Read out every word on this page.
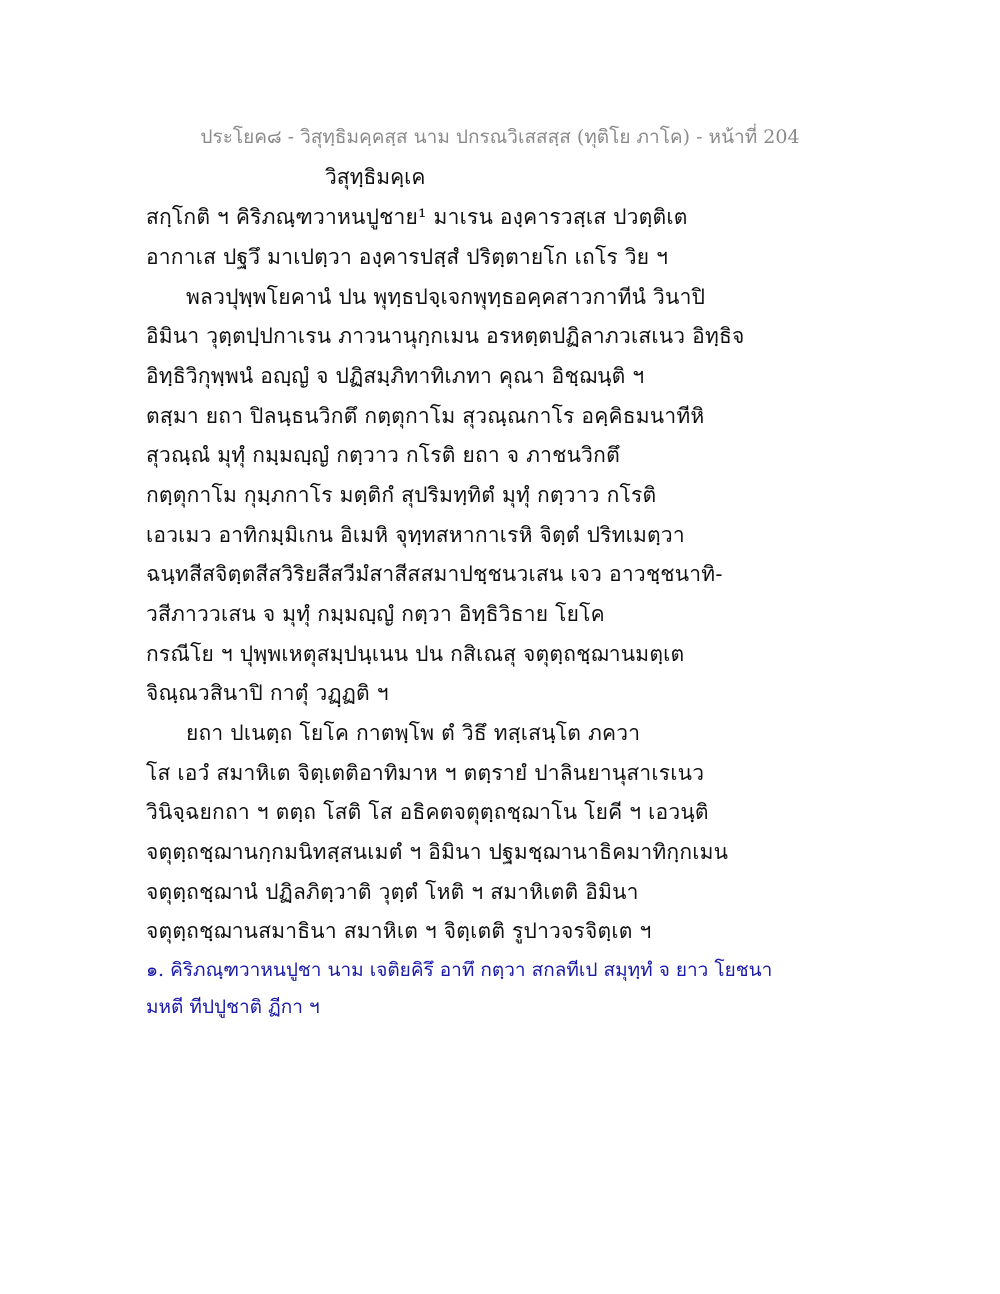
ประโยค๘ - วิสุทฺธิมคฺคสฺส นาม ปกรณวิเสสสฺส (ทุติโย ภาโค) - หน้าที่ 204
วิสุทฺธิมคฺเค
สกฺโกติ ฯ คิริภณฺฑวาหนปูชาย¹ มาเรน องฺคารวสฺเส ปวตฺติเต
อากาเส ปฐวึ มาเปตฺวา องฺคารปสฺสํ ปริตฺตายโก เถโร วิย ฯ
พลวปุพฺพโยคานํ ปน พุทฺธปจฺเจกพุทฺธอคฺคสาวกาทีนํ วินาปิ
อิมินา วุตฺตปฺปกาเรน ภาวนานุกฺกเมน อรหตฺตปฏิลาภวเสเนว อิทฺธิจ
อิทฺธิวิกุพฺพนํ อญฺญํ จ ปฏิสมฺภิทาทิเภทา คุณา อิชฺฌนฺติ ฯ
ตสฺมา ยถา ปิลนฺธนวิกตึ กตฺตุกาโม สุวณฺณกาโร อคฺคิธมนาทีหิ
สุวณฺณํ มุทุํ กมฺมญฺญํ กตฺวาว กโรติ ยถา จ ภาชนวิกตึ
กตฺตุกาโม กุมฺภกาโร มตฺติกํ สุปริมทฺทิตํ มุทุํ กตฺวาว กโรติ
เอวเมว อาทิกมฺมิเกน อิเมหิ จุทฺทสหากาเรหิ จิตฺตํ ปริทเมตฺวา
ฉนฺทสีสจิตฺตสีสวิริยสีสวีมํสาสีสสมาปชฺชนวเสน เจว อาวชฺชนาทิ-
วสีภาววเสน จ มุทุํ กมฺมญฺญํ กตฺวา อิทฺธิวิธาย โยโค
กรณีโย ฯ ปุพฺพเหตุสมฺปนฺเนน ปน กสิเณสุ จตุตฺถชฺฌานมตฺเต
จิณฺณวสินาปิ กาตุํ วฏฺฏติ ฯ
ยถา ปเนตฺถ โยโค กาตพฺโพ ตํ วิธึ ทสฺเสนฺโต ภควา
โส เอวํ สมาหิเต จิตฺเตติอาทิมาห ฯ ตตฺรายํ ปาลินยานุสาเรเนว
วินิจฺฉยกถา ฯ ตตฺถ โสติ โส อธิคตจตุตฺถชฺฌาโน โยคี ฯ เอวนฺติ
จตุตฺถชฺฌานกฺกมนิทสฺสนเมตํ ฯ อิมินา ปฐมชฺฌานาธิคมาทิกฺกเมน
จตุตฺถชฺฌานํ ปฏิลภิตฺวาติ วุตฺตํ โหติ ฯ สมาหิเตติ อิมินา
จตุตฺถชฺฌานสมาธินา สมาหิเต ฯ จิตฺเตติ รูปาวจรจิตฺเต ฯ
๑. คิริภณฺฑวาหนปูชา นาม เจติยคิรึ อาทึ กตฺวา สกลทีเป สมุทฺทํ จ ยาว โยชนา
มหตี ทีปปูชาติ ฏีกา ฯ
